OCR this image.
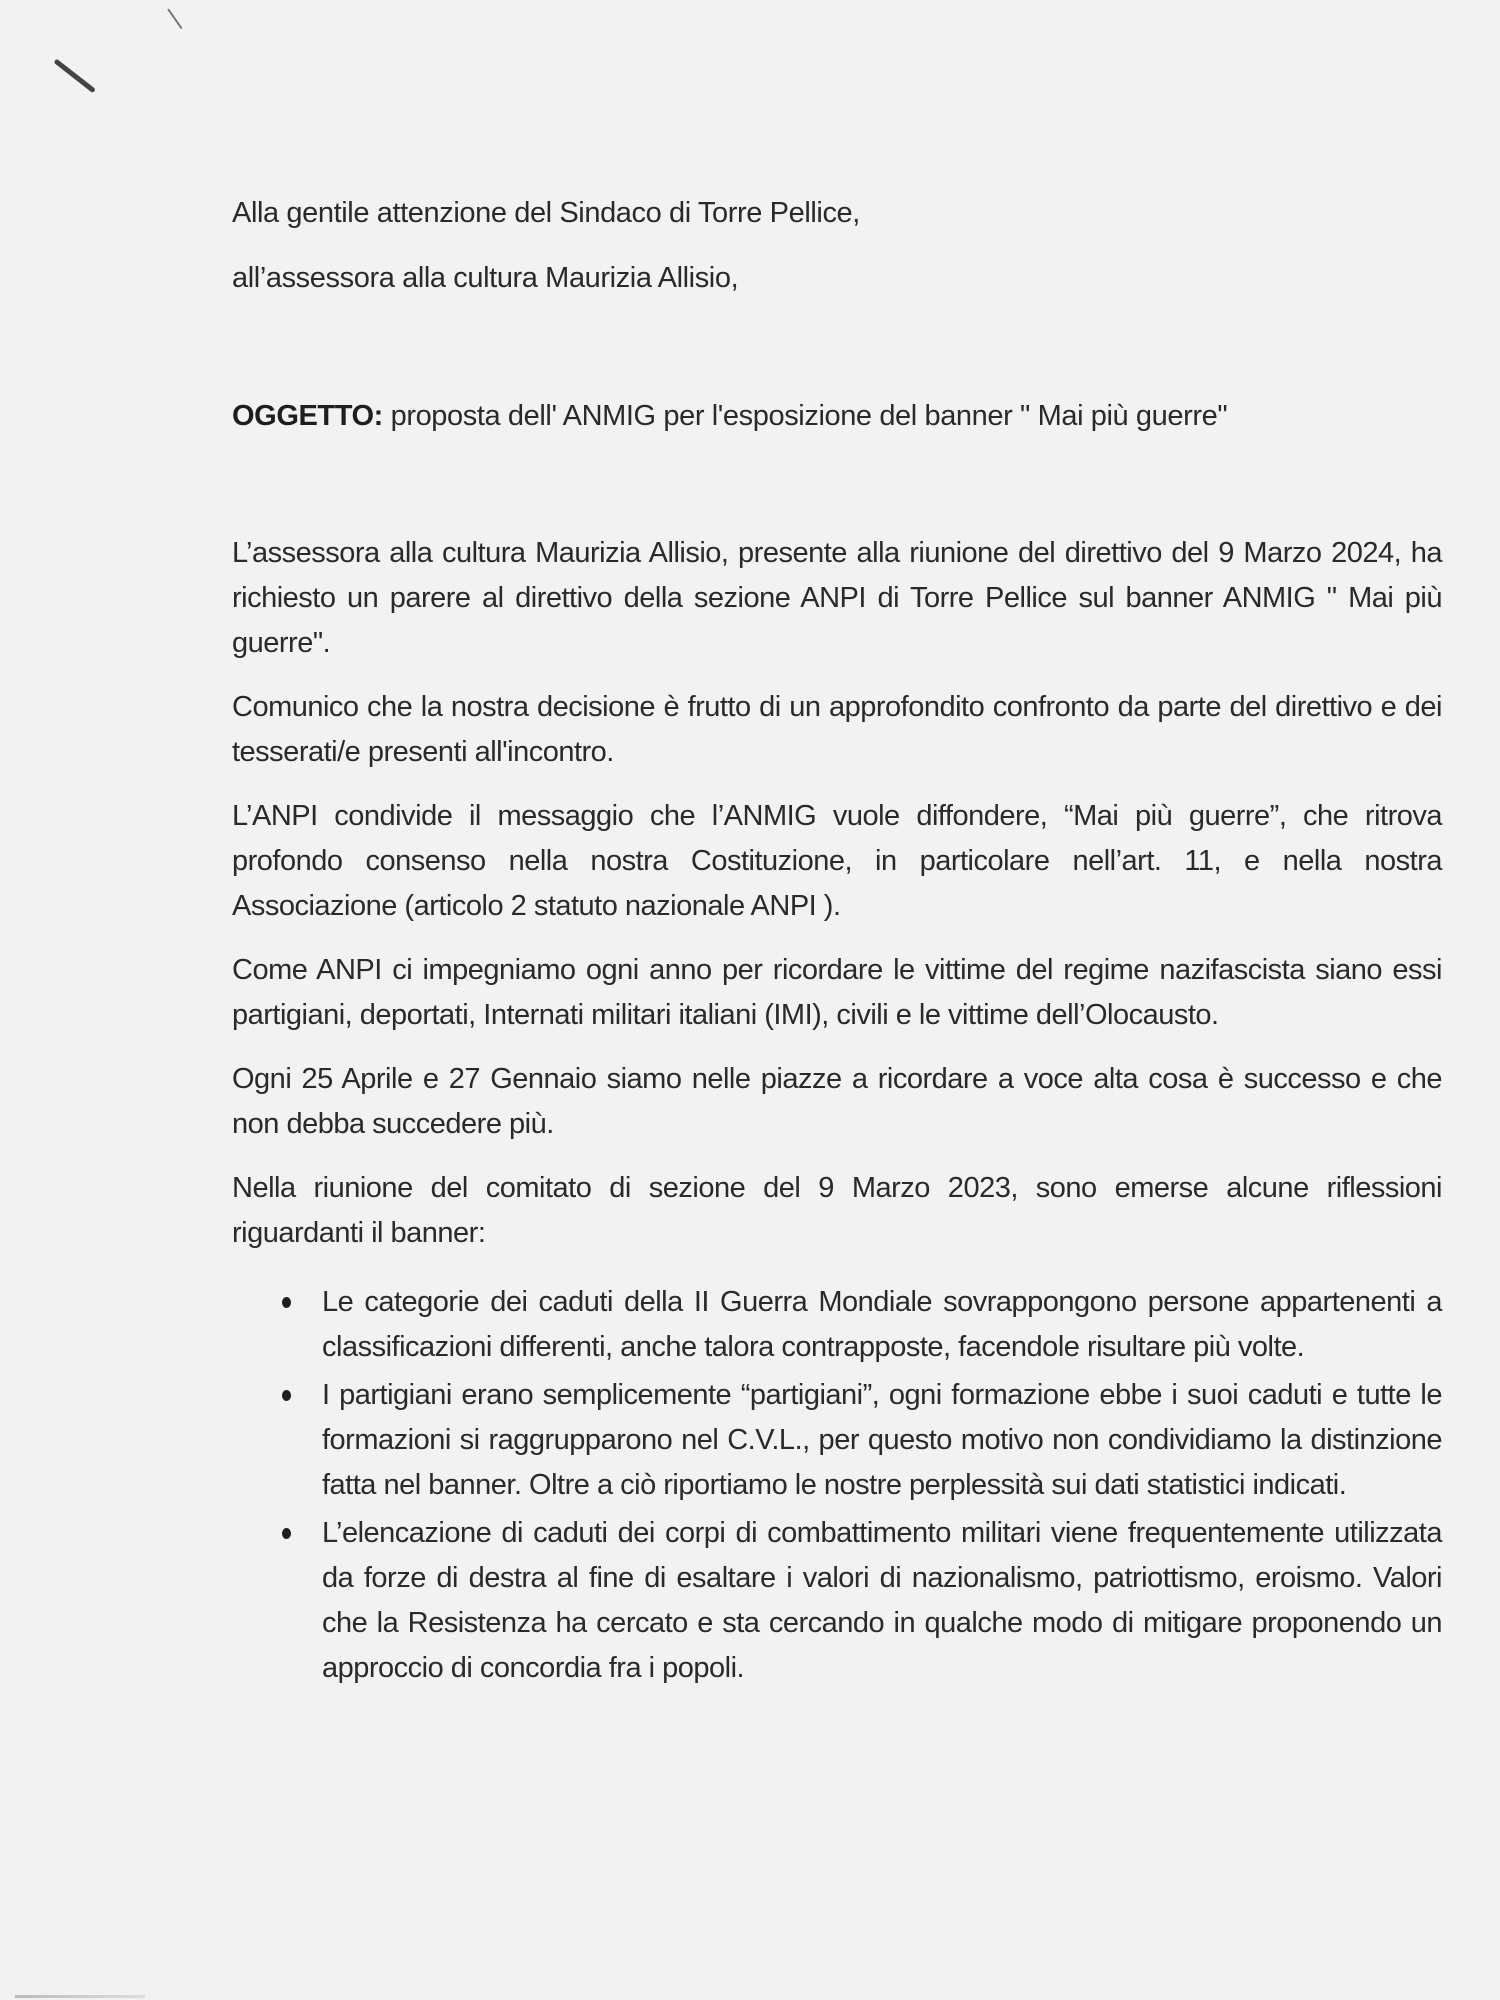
Alla gentile attenzione del Sindaco di Torre Pellice,

all’assessora alla cultura Maurizia Allisio,

OGGETTO: proposta dell' ANMIG per l'esposizione del banner " Mai più guerre"

L’assessora alla cultura Maurizia Allisio, presente alla riunione del direttivo del 9 Marzo 2024, ha richiesto un parere al direttivo della sezione ANPI di Torre Pellice sul banner ANMIG " Mai più guerre".

Comunico che la nostra decisione è frutto di un approfondito confronto da parte del direttivo e dei tesserati/e presenti all'incontro.

L’ANPI condivide il messaggio che l’ANMIG vuole diffondere, “Mai più guerre”, che ritrova profondo consenso nella nostra Costituzione, in particolare nell’art. 11, e nella nostra Associazione (articolo 2 statuto nazionale ANPI ).

Come ANPI ci impegniamo ogni anno per ricordare le vittime del regime nazifascista siano essi partigiani, deportati, Internati militari italiani (IMI), civili e le vittime dell’Olocausto.

Ogni 25 Aprile e 27 Gennaio siamo nelle piazze a ricordare a voce alta cosa è successo e che non debba succedere più.

Nella riunione del comitato di sezione del 9 Marzo 2023, sono emerse alcune riflessioni riguardanti il banner:

Le categorie dei caduti della II Guerra Mondiale sovrappongono persone appartenenti a classificazioni differenti, anche talora contrapposte, facendole risultare più volte.
I partigiani erano semplicemente “partigiani”, ogni formazione ebbe i suoi caduti e tutte le formazioni si raggrupparono nel C.V.L., per questo motivo non condividiamo la distinzione fatta nel banner. Oltre a ciò riportiamo le nostre perplessità sui dati statistici indicati.
L’elencazione di caduti dei corpi di combattimento militari viene frequentemente utilizzata da forze di destra al fine di esaltare i valori di nazionalismo, patriottismo, eroismo. Valori che la Resistenza ha cercato e sta cercando in qualche modo di mitigare proponendo un approccio di concordia fra i popoli.
